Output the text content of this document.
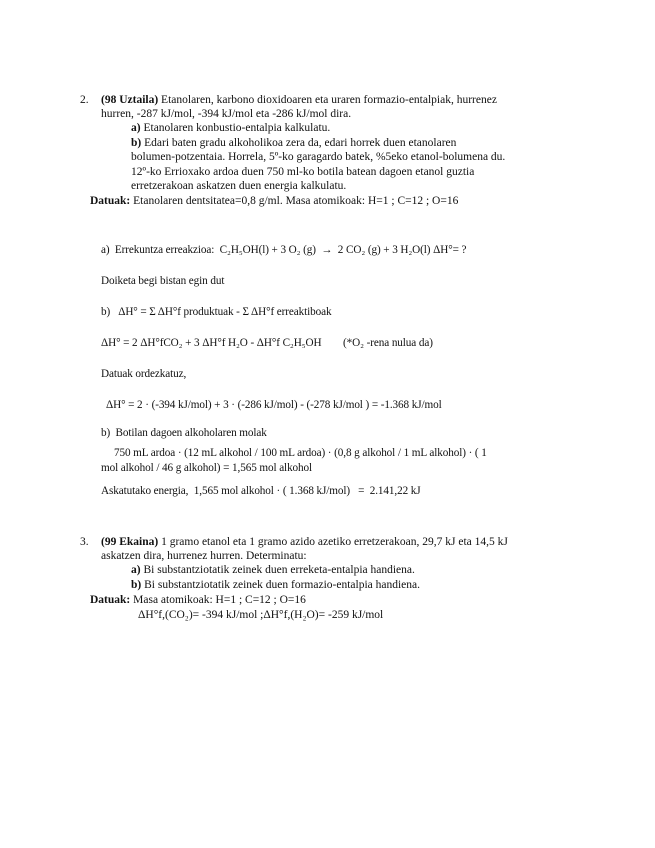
2. (98 Uztaila) Etanolaren, karbono dioxidoaren eta uraren formazio-entalpiak, hurrenez
hurren, -287 kJ/mol, -394 kJ/mol eta -286 kJ/mol dira.
a) Etanolaren konbustio-entalpia kalkulatu.
b) Edari baten gradu alkoholikoa zera da, edari horrek duen etanolaren
bolumen-potzentaia. Horrela, 5º-ko garagardo batek, %5eko etanol-bolumena du.
12º-ko Errioxako ardoa duen 750 ml-ko botila batean dagoen etanol guztia
erretzerakoan askatzen duen energia kalkulatu.
Datuak: Etanolaren dentsitatea=0,8 g/ml. Masa atomikoak: H=1 ; C=12 ; O=16
a) Errekuntza erreakzioa: C₂H₅OH(l) + 3 O₂ (g) → 2 CO₂ (g) + 3 H₂O(l) ΔH°= ?
Doiketa begi bistan egin dut
b) ΔH° = Σ ΔH°f produktuak - Σ ΔH°f erreaktiboak
ΔH° = 2 ΔH°fCO₂ + 3 ΔH°f H₂O - ΔH°f C₂H₅OH (*O₂ -rena nulua da)
Datuak ordezkatuz,
ΔH° = 2 · (-394 kJ/mol) + 3 · (-286 kJ/mol) - (-278 kJ/mol ) = -1.368 kJ/mol
b) Botilan dagoen alkoholaren molak
750 mL ardoa · (12 mL alkohol / 100 mL ardoa) · (0,8 g alkohol / 1 mL alkohol) · ( 1
mol alkohol / 46 g alkohol) = 1,565 mol alkohol
Askatutako energia, 1,565 mol alkohol · ( 1.368 kJ/mol) = 2.141,22 kJ
3. (99 Ekaina) 1 gramo etanol eta 1 gramo azido azetiko erretzerakoan, 29,7 kJ eta 14,5 kJ
askatzen dira, hurrenez hurren. Determinatu:
a) Bi substantziotatik zeinek duen erreketa-entalpia handiena.
b) Bi substantziotatik zeinek duen formazio-entalpia handiena.
Datuak: Masa atomikoak: H=1 ; C=12 ; O=16
ΔH°f,(CO₂)= -394 kJ/mol ;ΔH°f,(H₂O)= -259 kJ/mol
